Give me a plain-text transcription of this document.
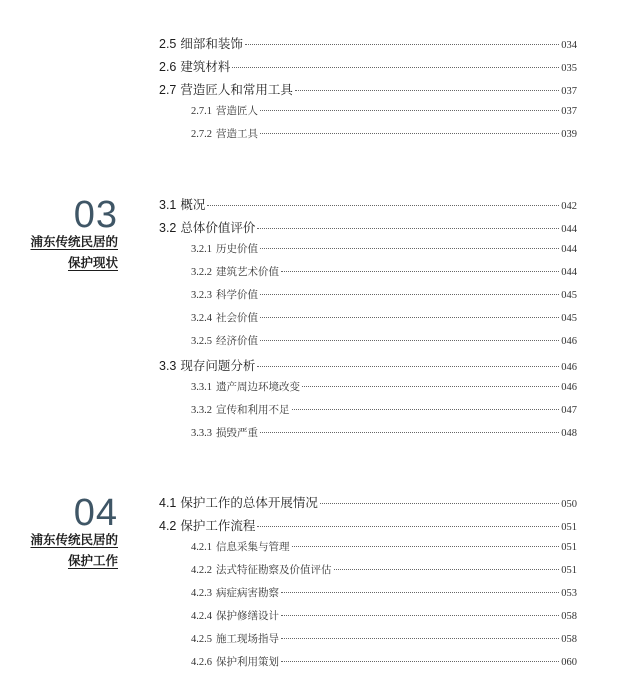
2.5 细部和装饰	034
2.6 建筑材料	035
2.7 营造匠人和常用工具	037
2.7.1 营造匠人	037
2.7.2 营造工具	039
03
浦东传统民居的
保护现状
3.1 概况	042
3.2 总体价值评价	044
3.2.1 历史价值	044
3.2.2 建筑艺术价值	044
3.2.3 科学价值	045
3.2.4 社会价值	045
3.2.5 经济价值	046
3.3 现存问题分析	046
3.3.1 遗产周边环境改变	046
3.3.2 宣传和利用不足	047
3.3.3 损毁严重	048
04
浦东传统民居的
保护工作
4.1 保护工作的总体开展情况	050
4.2 保护工作流程	051
4.2.1 信息采集与管理	051
4.2.2 法式特征勘察及价值评估	051
4.2.3 病症病害勘察	053
4.2.4 保护修缮设计	058
4.2.5 施工现场指导	058
4.2.6 保护利用策划	060
